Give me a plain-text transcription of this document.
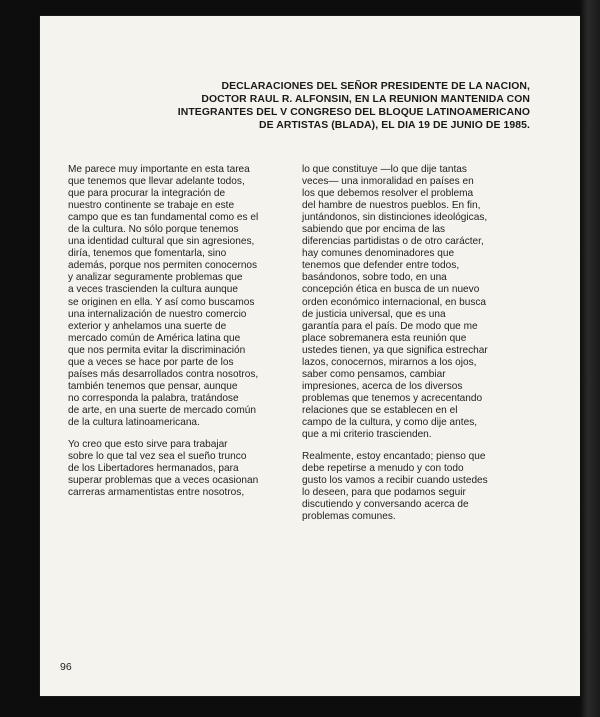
DECLARACIONES DEL SEÑOR PRESIDENTE DE LA NACION,
DOCTOR RAUL R. ALFONSIN, EN LA REUNION MANTENIDA CON
INTEGRANTES DEL V CONGRESO DEL BLOQUE LATINOAMERICANO
DE ARTISTAS (BLADA), EL DIA 19 DE JUNIO DE 1985.
Me parece muy importante en esta tarea
que tenemos que llevar adelante todos,
que para procurar la integración de
nuestro continente se trabaje en este
campo que es tan fundamental como es el
de la cultura. No sólo porque tenemos
una identidad cultural que sin agresiones,
diría, tenemos que fomentarla, sino
además, porque nos permiten conocernos
y analizar seguramente problemas que
a veces trascienden la cultura aunque
se originen en ella. Y así como buscamos
una internalización de nuestro comercio
exterior y anhelamos una suerte de
mercado común de América latina que
que nos permita evitar la discriminación
que a veces se hace por parte de los
países más desarrollados contra nosotros,
también tenemos que pensar, aunque
no corresponda la palabra, tratándose
de arte, en una suerte de mercado común
de la cultura latinoamericana.
Yo creo que esto sirve para trabajar
sobre lo que tal vez sea el sueño trunco
de los Libertadores hermanados, para
superar problemas que a veces ocasionan
carreras armamentistas entre nosotros,
lo que constituye —lo que dije tantas
veces— una inmoralidad en países en
los que debemos resolver el problema
del hambre de nuestros pueblos. En fin,
juntándonos, sin distinciones ideológicas,
sabiendo que por encima de las
diferencias partidistas o de otro carácter,
hay comunes denominadores que
tenemos que defender entre todos,
basándonos, sobre todo, en una
concepción ética en busca de un nuevo
orden económico internacional, en busca
de justicia universal, que es una
garantía para el país. De modo que me
place sobremanera esta reunión que
ustedes tienen, ya que significa estrechar
lazos, conocernos, mirarnos a los ojos,
saber como pensamos, cambiar
impresiones, acerca de los diversos
problemas que tenemos y acrecentando
relaciones que se establecen en el
campo de la cultura, y como dije antes,
que a mi criterio trascienden.
Realmente, estoy encantado; pienso que
debe repetirse a menudo y con todo
gusto los vamos a recibir cuando ustedes
lo deseen, para que podamos seguir
discutiendo y conversando acerca de
problemas comunes.
96
